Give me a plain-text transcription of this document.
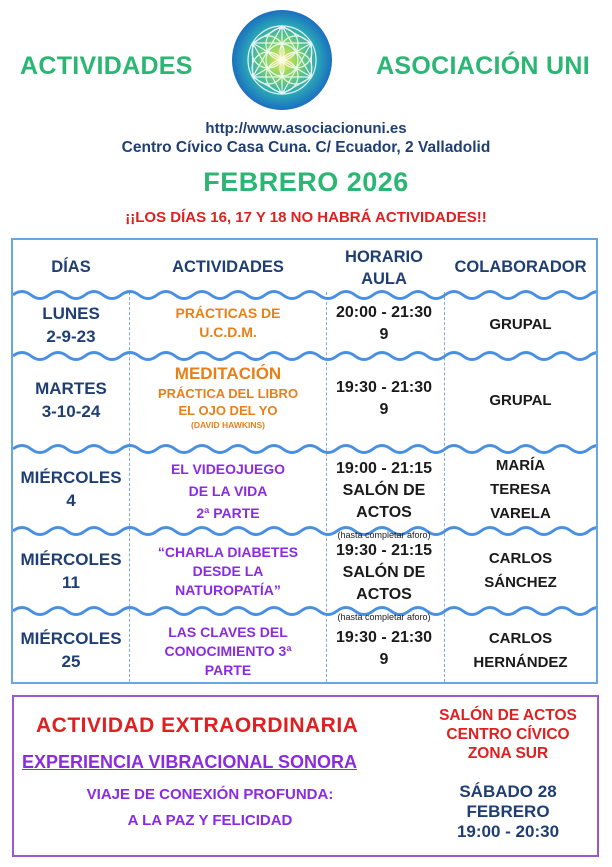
ACTIVIDADES	ASOCIACIÓN UNI
http://www.asociacionuni.es
Centro Cívico Casa Cuna. C/ Ecuador, 2 Valladolid
FEBRERO 2026
¡¡LOS DÍAS 16, 17 Y 18 NO HABRÁ ACTIVIDADES!!
DÍAS	ACTIVIDADES
HORARIO
AULA
COLABORADOR
LUNES
2-9-23
PRÁCTICAS DE
U.C.D.M.
20:00 - 21:30
9
GRUPAL
MARTES
3-10-24
MEDITACIÓN
PRÁCTICA DEL LIBRO
EL OJO DEL YO
(DAVID HAWKINS)
19:30 - 21:30
9
GRUPAL
MIÉRCOLES
4
EL VIDEOJUEGO
DE LA VIDA
2ª PARTE
19:00 - 21:15
SALÓN DE ACTOS
(hasta completar aforo)
MARÍA
TERESA
VARELA
MIÉRCOLES
11
“CHARLA DIABETES
DESDE LA
NATUROPATÍA”
19:30 - 21:15
SALÓN DE ACTOS
(hasta completar aforo)
CARLOS
SÁNCHEZ
MIÉRCOLES
25
LAS CLAVES DEL
CONOCIMIENTO 3ª
PARTE
19:30 - 21:30
9
CARLOS
HERNÁNDEZ
ACTIVIDAD EXTRAORDINARIA
EXPERIENCIA VIBRACIONAL SONORA
VIAJE DE CONEXIÓN PROFUNDA:
A LA PAZ Y FELICIDAD
SALÓN DE ACTOS
CENTRO CÍVICO
ZONA SUR
SÁBADO 28
FEBRERO
19:00 - 20:30
